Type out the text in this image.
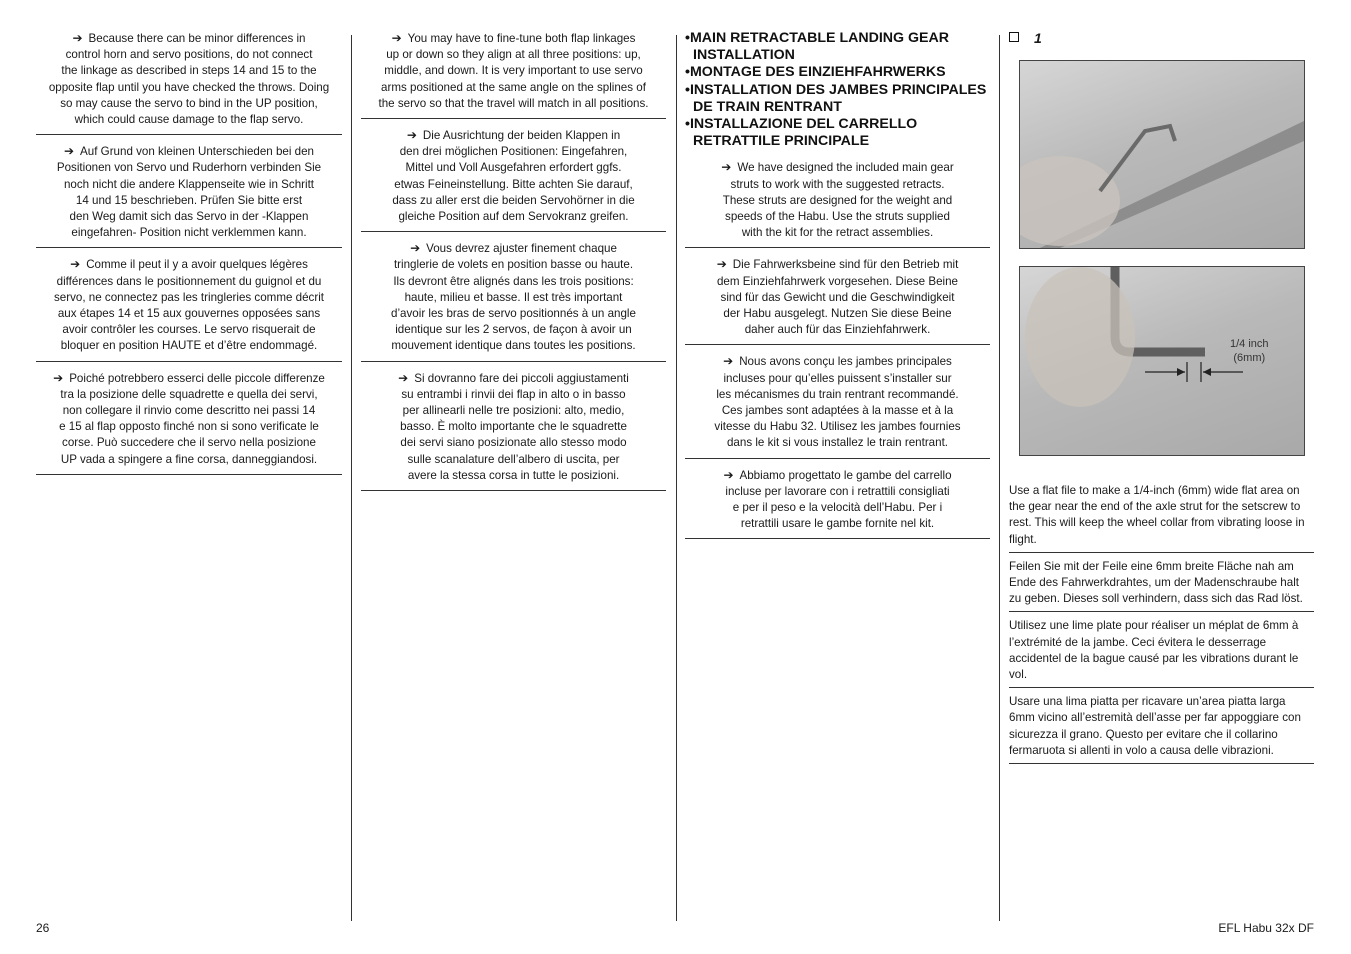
➔ Because there can be minor differences in
control horn and servo positions, do not connect
the linkage as described in steps 14 and 15 to the
opposite flap until you have checked the throws. Doing
so may cause the servo to bind in the UP position,
which could cause damage to the flap servo.
➔ Auf Grund von kleinen Unterschieden bei den
Positionen von Servo und Ruderhorn verbinden Sie
noch nicht die andere Klappenseite wie in Schritt
14 und 15 beschrieben. Prüfen Sie bitte erst
den Weg damit sich das Servo in der -Klappen
eingefahren- Position nicht verklemmen kann.
➔ Comme il peut il y a avoir quelques légères
différences dans le positionnement du guignol et du
servo, ne connectez pas les tringleries comme décrit
aux étapes 14 et 15 aux gouvernes opposées sans
avoir contrôler les courses. Le servo risquerait de
bloquer en position HAUTE et d’être endommagé.
➔ Poiché potrebbero esserci delle piccole differenze
tra la posizione delle squadrette e quella dei servi,
non collegare il rinvio come descritto nei passi 14
e 15 al flap opposto finché non si sono verificate le
corse. Può succedere che il servo nella posizione
UP vada a spingere a fine corsa, danneggiandosi.
➔ You may have to fine-tune both flap linkages
up or down so they align at all three positions: up,
middle, and down. It is very important to use servo
arms positioned at the same angle on the splines of
the servo so that the travel will match in all positions.
➔ Die Ausrichtung der beiden Klappen in
den drei möglichen Positionen: Eingefahren,
Mittel und Voll Ausgefahren erfordert ggfs.
etwas Feineinstellung. Bitte achten Sie darauf,
dass zu aller erst die beiden Servohörner in die
gleiche Position auf dem Servokranz greifen.
➔ Vous devrez ajuster finement chaque
tringlerie de volets en position basse ou haute.
Ils devront être alignés dans les trois positions:
haute, milieu et basse. Il est très important
d’avoir les bras de servo positionnés à un angle
identique sur les 2 servos, de façon à avoir un
mouvement identique dans toutes les positions.
➔ Si dovranno fare dei piccoli aggiustamenti
su entrambi i rinvii dei flap in alto o in basso
per allinearli nelle tre posizioni: alto, medio,
basso. È molto importante che le squadrette
dei servi siano posizionate allo stesso modo
sulle scanalature dell’albero di uscita, per
avere la stessa corsa in tutte le posizioni.
•MAIN RETRACTABLE LANDING GEAR INSTALLATION
•MONTAGE DES EINZIEHFAHRWERKS
•INSTALLATION DES JAMBES PRINCIPALES DE TRAIN RENTRANT
•INSTALLAZIONE DEL CARRELLO RETRATTILE PRINCIPALE
➔ We have designed the included main gear
struts to work with the suggested retracts.
These struts are designed for the weight and
speeds of the Habu. Use the struts supplied
with the kit for the retract assemblies.
➔ Die Fahrwerksbeine sind für den Betrieb mit
dem Einziehfahrwerk vorgesehen. Diese Beine
sind für das Gewicht und die Geschwindigkeit
der Habu ausgelegt. Nutzen Sie diese Beine
daher auch für das Einziehfahrwerk.
➔ Nous avons conçu les jambes principales
incluses pour qu’elles puissent s’installer sur
les mécanismes du train rentrant recommandé.
Ces jambes sont adaptées à la masse et à la
vitesse du Habu 32. Utilisez les jambes fournies
dans le kit si vous installez le train rentrant.
➔ Abbiamo progettato le gambe del carrello
incluse per lavorare con i retrattili consigliati
e per il peso e la velocità dell’Habu. Per i
retrattili usare le gambe fornite nel kit.
1
1/4 inch
(6mm)
Use a flat file to make a 1/4-inch (6mm) wide flat area on the gear near the end of the axle strut for the setscrew to rest. This will keep the wheel collar from vibrating loose in flight.
Feilen Sie mit der Feile eine 6mm breite Fläche nah am Ende des Fahrwerkdrahtes, um der Madenschraube halt zu geben. Dieses soll verhindern, dass sich das Rad löst.
Utilisez une lime plate pour réaliser un méplat de 6mm à l’extrémité de la jambe. Ceci évitera le desserrage accidentel de la bague causé par les vibrations durant le vol.
Usare una lima piatta per ricavare un’area piatta larga 6mm vicino all’estremità dell’asse per far appoggiare con sicurezza il grano. Questo per evitare che il collarino fermaruota si allenti in volo a causa delle vibrazioni.
26	EFL Habu 32x DF
